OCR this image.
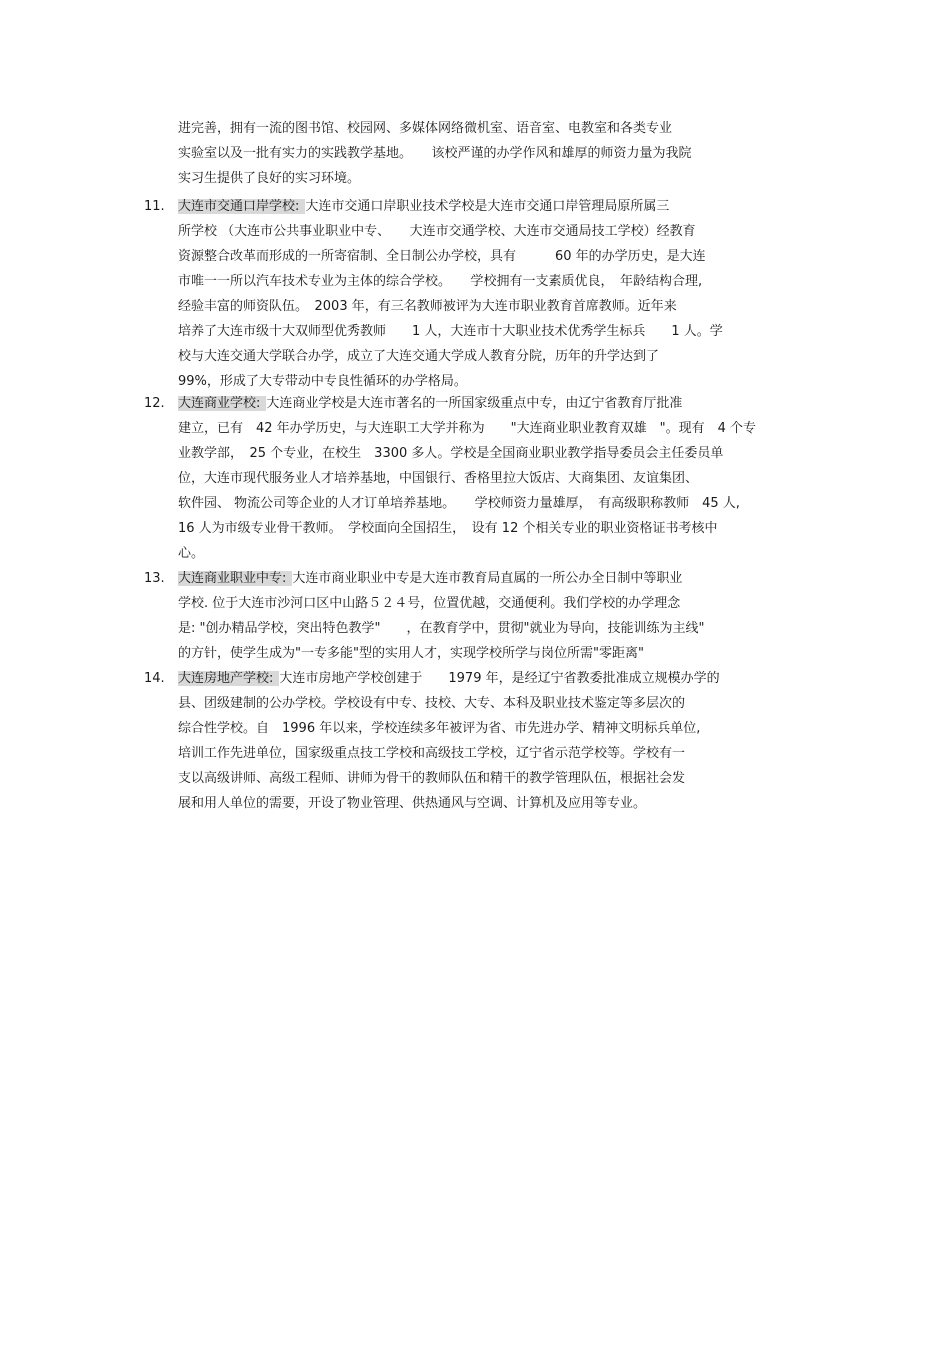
进完善，拥有一流的图书馆、校园网、多媒体网络微机室、语音室、电教室和各类专业
实验室以及一批有实力的实践教学基地。　　该校严谨的办学作风和雄厚的师资力量为我院
实习生提供了良好的实习环境。
11.	大连市交通口岸学校: 大连市交通口岸职业技术学校是大连市交通口岸管理局原所属三
所学校 （大连市公共事业职业中专、　　大连市交通学校、大连市交通局技工学校）经教育
资源整合改革而形成的一所寄宿制、全日制公办学校，具有　　　60 年的办学历史，是大连
市唯一一所以汽车技术专业为主体的综合学校。　　学校拥有一支素质优良，　年龄结构合理,
经验丰富的师资队伍。　2003 年，有三名教师被评为大连市职业教育首席教师。近年来
培养了大连市级十大双师型优秀教师　　1 人，大连市十大职业技术优秀学生标兵　　1 人。学
校与大连交通大学联合办学，成立了大连交通大学成人教育分院，历年的升学达到了
99%，形成了大专带动中专良性循环的办学格局。
12.	大连商业学校: 大连商业学校是大连市著名的一所国家级重点中专，由辽宁省教育厅批准
建立，已有　42 年办学历史，与大连职工大学并称为　　"大连商业职业教育双雄　"。现有　4 个专
业教学部，　25 个专业，在校生　3300 多人。学校是全国商业职业教学指导委员会主任委员单
位，大连市现代服务业人才培养基地，中国银行、香格里拉大饭店、大商集团、友谊集团、
软件园、 物流公司等企业的人才订单培养基地。　　学校师资力量雄厚，　有高级职称教师　45 人,
16 人为市级专业骨干教师。　学校面向全国招生，　设有 12 个相关专业的职业资格证书考核中
心。
13.	大连商业职业中专: 大连市商业职业中专是大连市教育局直属的一所公办全日制中等职业
学校. 位于大连市沙河口区中山路５２４号，位置优越，交通便利。我们学校的办学理念
是: "创办精品学校，突出特色教学"　　，在教育学中，贯彻"就业为导向，技能训练为主线"
的方针，使学生成为"一专多能"型的实用人才，实现学校所学与岗位所需"零距离"
14.	大连房地产学校: 大连市房地产学校创建于　　1979 年，是经辽宁省教委批准成立规模办学的
县、团级建制的公办学校。学校设有中专、技校、大专、本科及职业技术鉴定等多层次的
综合性学校。自　1996 年以来，学校连续多年被评为省、市先进办学、精神文明标兵单位,
培训工作先进单位，国家级重点技工学校和高级技工学校，辽宁省示范学校等。学校有一
支以高级讲师、高级工程师、讲师为骨干的教师队伍和精干的教学管理队伍，根据社会发
展和用人单位的需要，开设了物业管理、供热通风与空调、计算机及应用等专业。
